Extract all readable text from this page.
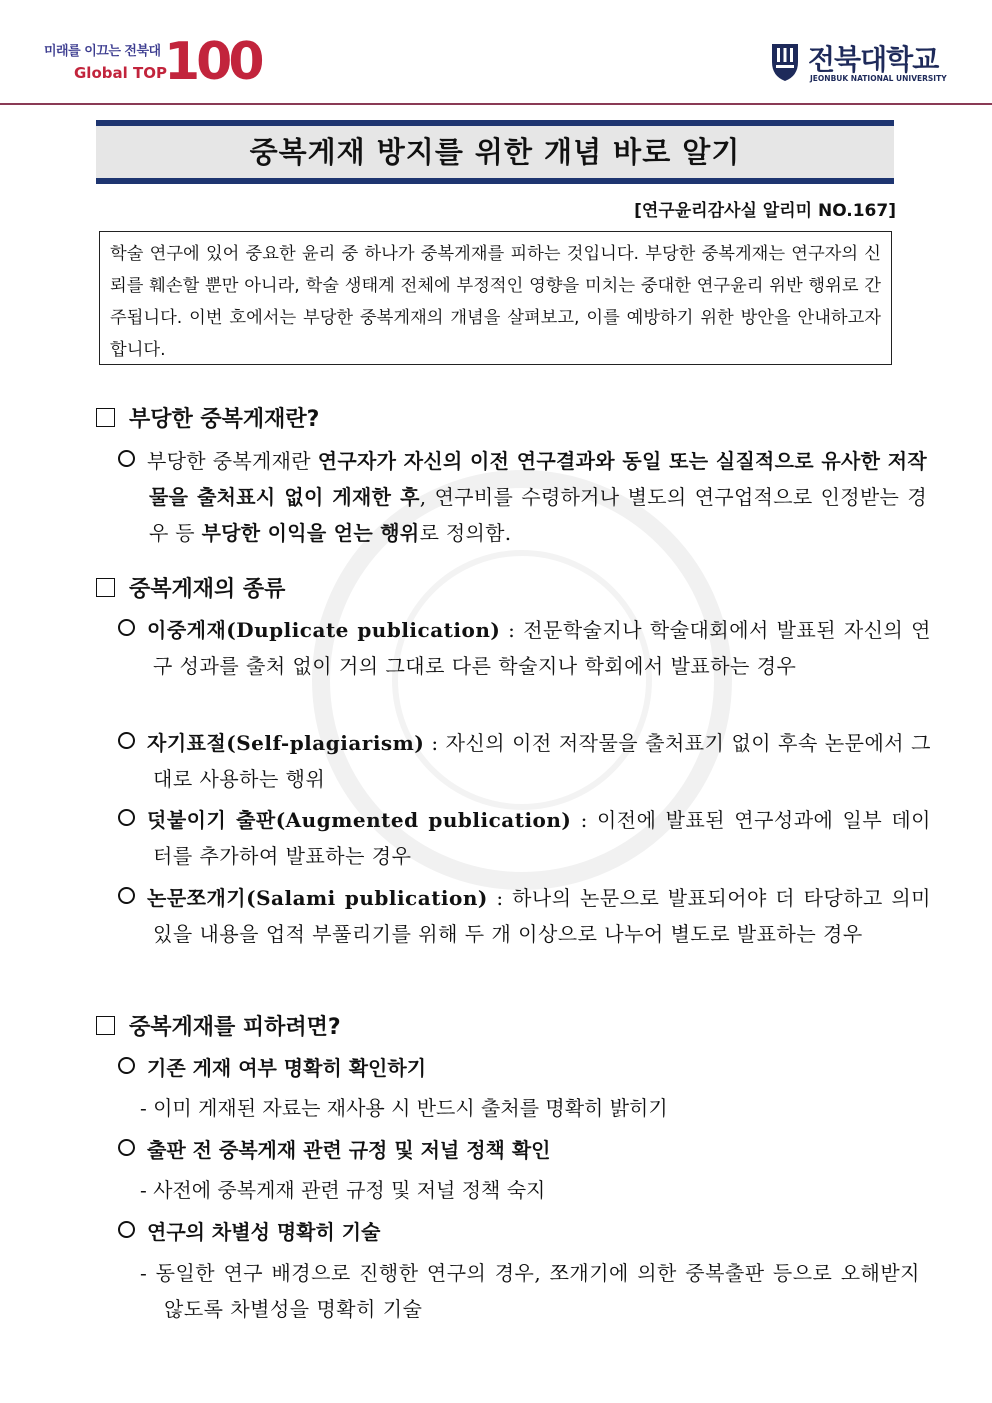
미래를 이끄는 전북대
Global TOP
100	전북대학교
JEONBUK NATIONAL UNIVERSITY
중복게재 방지를 위한 개념 바로 알기
[연구윤리감사실 알리미 NO.167]
학술 연구에 있어 중요한 윤리 중 하나가 중복게재를 피하는 것입니다. 부당한 중복게재는 연구자의 신뢰를 훼손할 뿐만 아니라, 학술 생태계 전체에 부정적인 영향을 미치는 중대한 연구윤리 위반 행위로 간주됩니다. 이번 호에서는 부당한 중복게재의 개념을 살펴보고, 이를 예방하기 위한 방안을 안내하고자 합니다.
부당한 중복게재란?
부당한 중복게재란 연구자가 자신의 이전 연구결과와 동일 또는 실질적으로 유사한 저작물을 출처표시 없이 게재한 후, 연구비를 수령하거나 별도의 연구업적으로 인정받는 경우 등 부당한 이익을 얻는 행위로 정의함.
중복게재의 종류
이중게재(Duplicate publication) : 전문학술지나 학술대회에서 발표된 자신의 연구 성과를 출처 없이 거의 그대로 다른 학술지나 학회에서 발표하는 경우
자기표절(Self-plagiarism) : 자신의 이전 저작물을 출처표기 없이 후속 논문에서 그대로 사용하는 행위
덧붙이기 출판(Augmented publication) : 이전에 발표된 연구성과에 일부 데이터를 추가하여 발표하는 경우
논문쪼개기(Salami publication) : 하나의 논문으로 발표되어야 더 타당하고 의미 있을 내용을 업적 부풀리기를 위해 두 개 이상으로 나누어 별도로 발표하는 경우
중복게재를 피하려면?
기존 게재 여부 명확히 확인하기
- 이미 게재된 자료는 재사용 시 반드시 출처를 명확히 밝히기
출판 전 중복게재 관련 규정 및 저널 정책 확인
- 사전에 중복게재 관련 규정 및 저널 정책 숙지
연구의 차별성 명확히 기술
- 동일한 연구 배경으로 진행한 연구의 경우, 쪼개기에 의한 중복출판 등으로 오해받지 않도록 차별성을 명확히 기술
